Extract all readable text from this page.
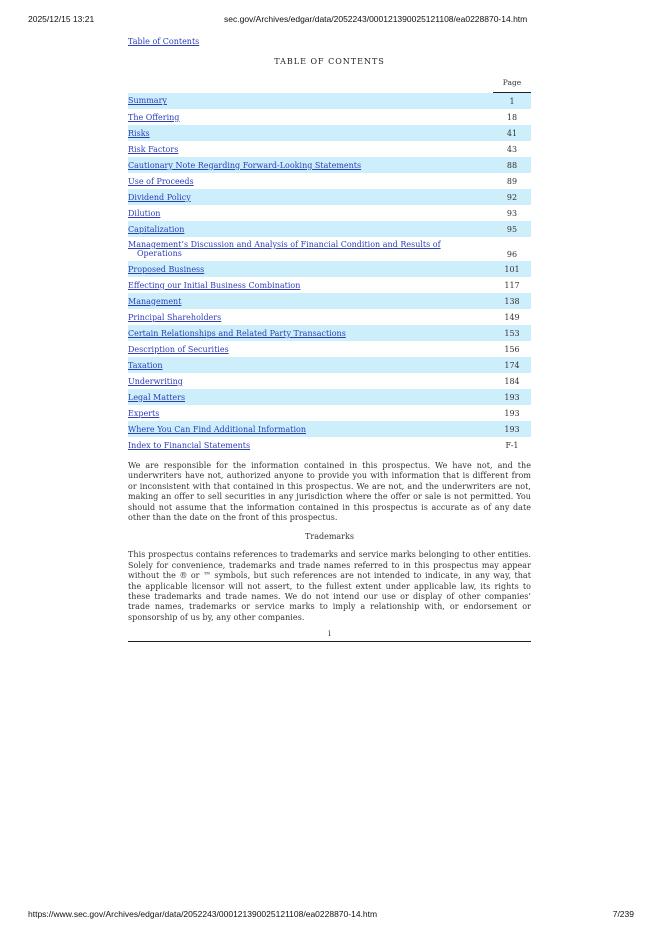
2025/12/15 13:21	sec.gov/Archives/edgar/data/2052243/000121390025121108/ea0228870-14.htm
Table of Contents
TABLE OF CONTENTS
	Page
Summary	1
The Offering	18
Risks	41
Risk Factors	43
Cautionary Note Regarding Forward-Looking Statements	88
Use of Proceeds	89
Dividend Policy	92
Dilution	93
Capitalization	95
Management’s Discussion and Analysis of Financial Condition and Results of
Operations	96
Proposed Business	101
Effecting our Initial Business Combination	117
Management	138
Principal Shareholders	149
Certain Relationships and Related Party Transactions	153
Description of Securities	156
Taxation	174
Underwriting	184
Legal Matters	193
Experts	193
Where You Can Find Additional Information	193
Index to Financial Statements	F-1

We are responsible for the information contained in this prospectus. We have not, and the underwriters have not, authorized anyone to provide you with information that is different from or inconsistent with that contained in this prospectus. We are not, and the underwriters are not, making an offer to sell securities in any jurisdiction where the offer or sale is not permitted. You should not assume that the information contained in this prospectus is accurate as of any date other than the date on the front of this prospectus.

Trademarks

This prospectus contains references to trademarks and service marks belonging to other entities. Solely for convenience, trademarks and trade names referred to in this prospectus may appear without the ® or ™ symbols, but such references are not intended to indicate, in any way, that the applicable licensor will not assert, to the fullest extent under applicable law, its rights to these trademarks and trade names. We do not intend our use or display of other companies’ trade names, trademarks or service marks to imply a relationship with, or endorsement or sponsorship of us by, any other companies.

i
https://www.sec.gov/Archives/edgar/data/2052243/000121390025121108/ea0228870-14.htm	7/239
